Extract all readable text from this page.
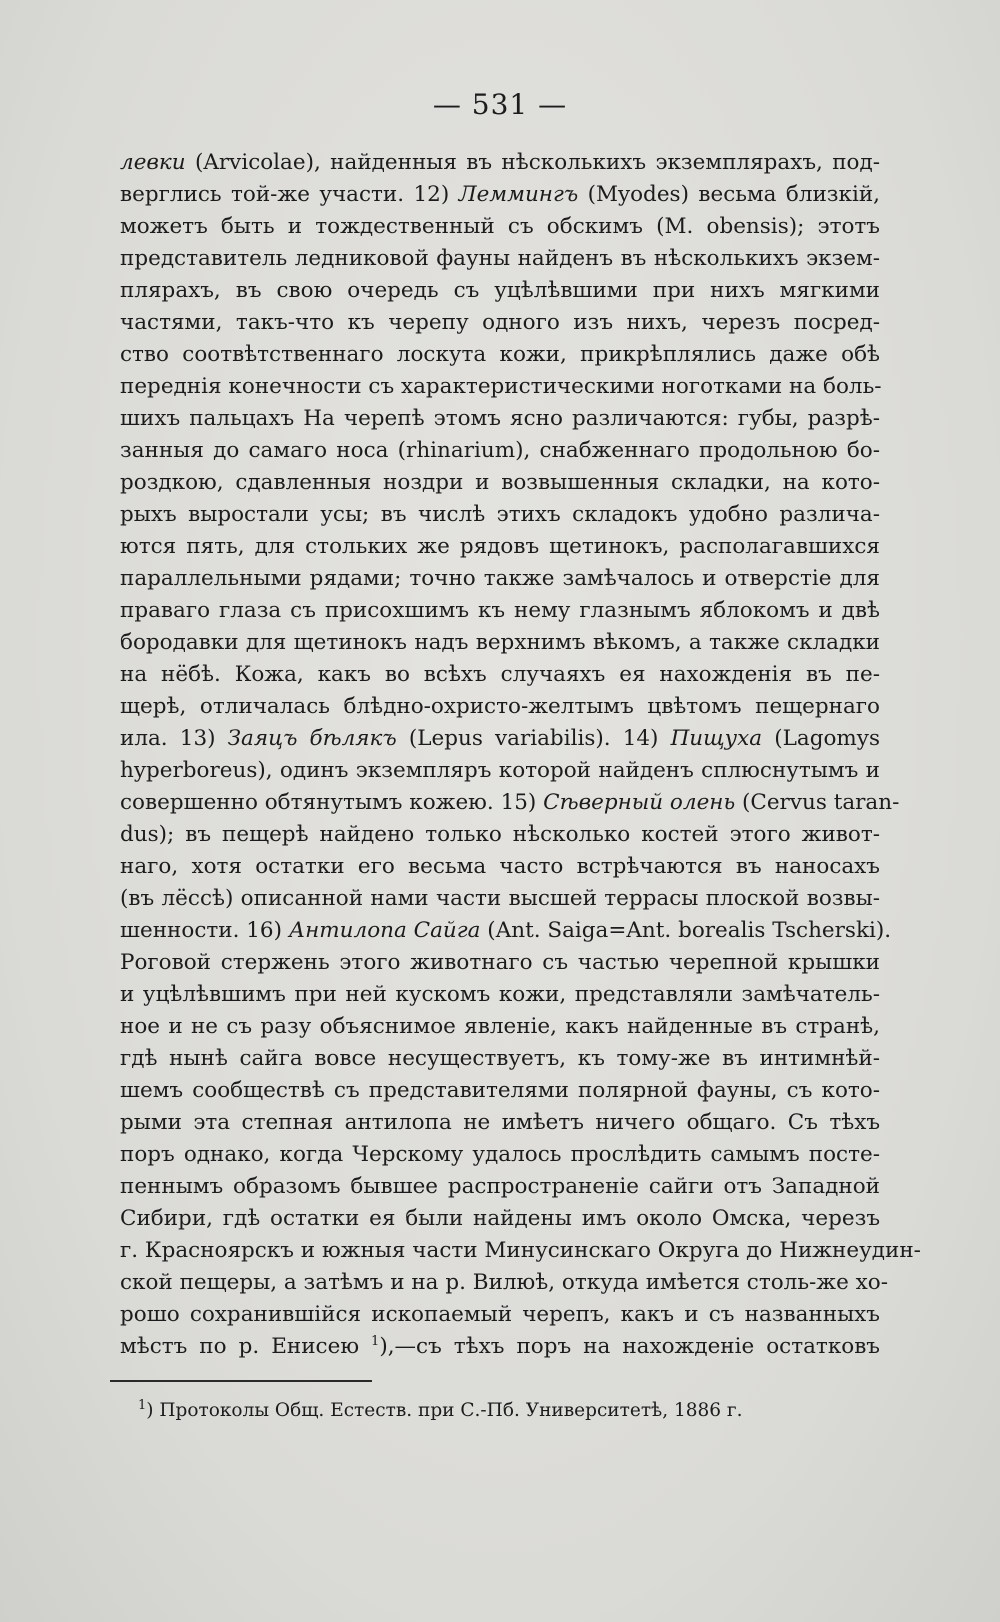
— 531 —
левки (Arvicolae), найденныя въ нѣсколькихъ экземплярахъ, под-
верглись той-же участи. 12) Леммингъ (Myodes) весьма близкій,
можетъ быть и тождественный съ обскимъ (M. obensis); этотъ
представитель ледниковой фауны найденъ въ нѣсколькихъ экзем-
плярахъ, въ свою очередь съ уцѣлѣвшими при нихъ мягкими
частями, такъ-что къ черепу одного изъ нихъ, черезъ посред-
ство соотвѣтственнаго лоскута кожи, прикрѣплялись даже обѣ
переднія конечности съ характеристическими ноготками на боль-
шихъ пальцахъ На черепѣ этомъ ясно различаются: губы, разрѣ-
занныя до самаго носа (rhinarium), снабженнаго продольною бо-
роздкою, сдавленныя ноздри и возвышенныя складки, на кото-
рыхъ выростали усы; въ числѣ этихъ складокъ удобно различа-
ются пять, для стольких же рядовъ щетинокъ, располагавшихся
параллельными рядами; точно также замѣчалось и отверстіе для
праваго глаза съ присохшимъ къ нему глазнымъ яблокомъ и двѣ
бородавки для щетинокъ надъ верхнимъ вѣкомъ, а также складки
на нёбѣ. Кожа, какъ во всѣхъ случаяхъ ея нахожденія въ пе-
щерѣ, отличалась блѣдно-охристо-желтымъ цвѣтомъ пещернаго
ила. 13) Заяцъ бѣлякъ (Lepus variabilis). 14) Пищуха (Lagomys
hyperboreus), одинъ экземпляръ которой найденъ сплюснутымъ и
совершенно обтянутымъ кожею. 15) Сѣверный олень (Cervus taran-
dus); въ пещерѣ найдено только нѣсколько костей этого живот-
наго, хотя остатки его весьма часто встрѣчаются въ наносахъ
(въ лёссѣ) описанной нами части высшей террасы плоской возвы-
шенности. 16) Антилопа Сайга (Ant. Saiga=Ant. borealis Tscherski).
Роговой стержень этого животнаго съ частью черепной крышки
и уцѣлѣвшимъ при ней кускомъ кожи, представляли замѣчатель-
ное и не съ разу объяснимое явленіе, какъ найденные въ странѣ,
гдѣ нынѣ сайга вовсе несуществуетъ, къ тому-же въ интимнѣй-
шемъ сообществѣ съ представителями полярной фауны, съ кото-
рыми эта степная антилопа не имѣетъ ничего общаго. Съ тѣхъ
поръ однако, когда Черскому удалось прослѣдить самымъ посте-
пеннымъ образомъ бывшее распространеніе сайги отъ Западной
Сибири, гдѣ остатки ея были найдены имъ около Омска, черезъ
г. Красноярскъ и южныя части Минусинскаго Округа до Нижнеудин-
ской пещеры, а затѣмъ и на р. Вилюѣ, откуда имѣется столь-же хо-
рошо сохранившійся ископаемый черепъ, какъ и съ названныхъ
мѣстъ по р. Енисею $^1$),—съ тѣхъ поръ на нахожденіе остатковъ
$^1$) Протоколы Общ. Естеств. при С.-Пб. Университетѣ, 1886 г.
